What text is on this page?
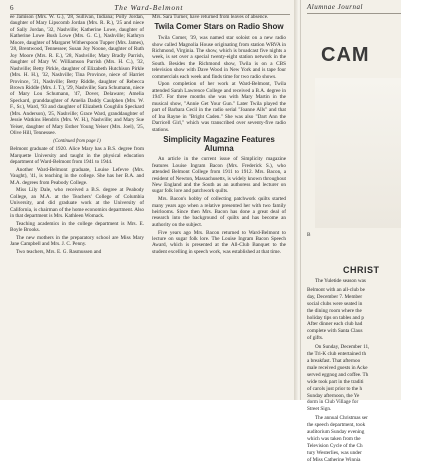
6	The Ward-Belmont

ee Jamison (Mrs. W. G.), '28, Sullivan, Indiana; Polly Jordan, daughter of Mary Lipscomb Jordan (Mrs. R. R.), '25 and niece of Sally Jordan, '32, Nashville; Katherine Lowe, daughter of Katherine Lowe Bush Lowe (Mrs. G. C.), Nashville; Kathryn Moore, daughter of Margaret Witherspoon Tupper (Mrs. James), '28, Brentwood, Tennessee; Susan Joy Noone, daughter of Ruth Joy Moore (Mrs. R. E.), '28, Nashville; Mary Bradly Parrish, daughter of Mary W. Williamson Parrish (Mrs. H. C.), '32, Nashville; Betty Pirkle, daughter of Elizabeth Hutchison Pirkle (Mrs. H. H.), '32, Nashville; Tina Province, niece of Harriet Province, '31, Nashville; Betty Riddle, daughter of Rebecca Brown Riddle (Mrs. J. T.), '29, Nashville; Sara Schumann, niece of Mary Lou Schumann, '47, Dover, Delaware; Amelia Speckard, granddaughter of Amelia Daddy Caulphen (Mrs. W. F., Sr.), Ward, '93 and daughter of Elizabeth Coughlin Speckard (Mrs. Anderson), '25, Nashville; Grace Ward, granddaughter of Jessie Watkins Hendrix (Mrs. W. H.), Nashville; and Mary Sue Yeiser, daughter of Mary Esther Young Yeiser (Mrs. Joel), '25, Olive Hill, Tennessee.

(Continued from page 1)

Belmont graduate of 1920. Alice Mary has a B.S. degree from Marquette University and taught in the physical education department of Ward-Belmont from 1941 to 1944.

Another Ward-Belmont graduate, Louise Lefevre (Mrs. Vaught), '41, is teaching in the college. She has her B.A. and M.A. degrees from Peabody College.

Miss Lily Dale, who received a B.S. degree at Peabody College, an M.A. at the Teachers' College of Columbia University, and did graduate work at the University of California, is chairman of the home economics department. Also in that department is Mrs. Kathleen Womack.

Teaching academics in the college department is Mrs. E. Boyle Brooks.

The new mothers in the preparatory school are Miss Mary Jane Campbell and Mrs. J. C. Penny.

Two teachers, Mrs. E. G. Rasmussen and

Mrs. Sara Turner, have returned from leaves of absence.

Twila Comer Stars on Radio Show

Twila Comer, '39, was named star soloist on a new radio show called Magnolia House originating from station WRVA in Richmond, Virginia. The show, which is broadcast five nights a week, is set over a special twenty-eight station network in the South. Besides the Richmond show, Twila is on a CBS television show with Dave Wood in New York and is tape four commercials each week and finds time for two radio shows.

Upon completion of her work at Ward-Belmont, Twila attended Sarah Lawrence College and received a B.A. degree in 1947. For three months she was with Mary Martin in the musical show, "Annie Get Your Gun." Later Twila played the part of Barbara Cecil in the radio serial "Joanne Alls" and that of Ina Rayne in "Bright Caden." She was also "Dart Ann the Darricell Girl," which was transcribed over seventy-five radio stations.

Simplicity Magazine Features Alumna

An article in the current issue of Simplicity magazine features Louise Ingram Bacon (Mrs. Frederick S.), who attended Belmont College from 1911 to 1912. Mrs. Bacon, a resident of Newton, Massachusetts, is widely known throughout New England and the South as an authoress and lecturer on sugar folk lore and patchwork quilts.

Mrs. Bacon's hobby of collecting patchwork quilts started many years ago when a relative presented her with two family heirlooms. Since then Mrs. Bacon has done a great deal of research into the background of quilts and has become an authority on the subject.

Five years ago Mrs. Bacon returned to Ward-Belmont to lecture on sugar folk lore. The Louise Ingram Bacon Speech Award, which is presented at the All-Club Banquet to the student excelling in speech work, was established at that time.

Alumnae Journal
CAM
B
CHRIST

The Yuletide season was

Belmont with an all-club be

day, December 7. Member

social clubs were seated in

the dining room where the

holiday tips on tables and p

After dinner each club had

complete with Santa Claus

of gifts.

On Sunday, December 11,

the Tri-K club entertained th

a breakfast. That afternoo

male received guests in Acke

served eggnog and coffee. Th

wide took part in the traditi

of carols just prior to the h

Sunday afternoon, the Ye

dorm in Club Village for

Street Sign.

The annual Christmas ser

the speech department, took

auditorium Sunday evening

which was taken from the

Television Cycle of the Ch

tury Westerlies, was under

of Miss Catherine Winnia
